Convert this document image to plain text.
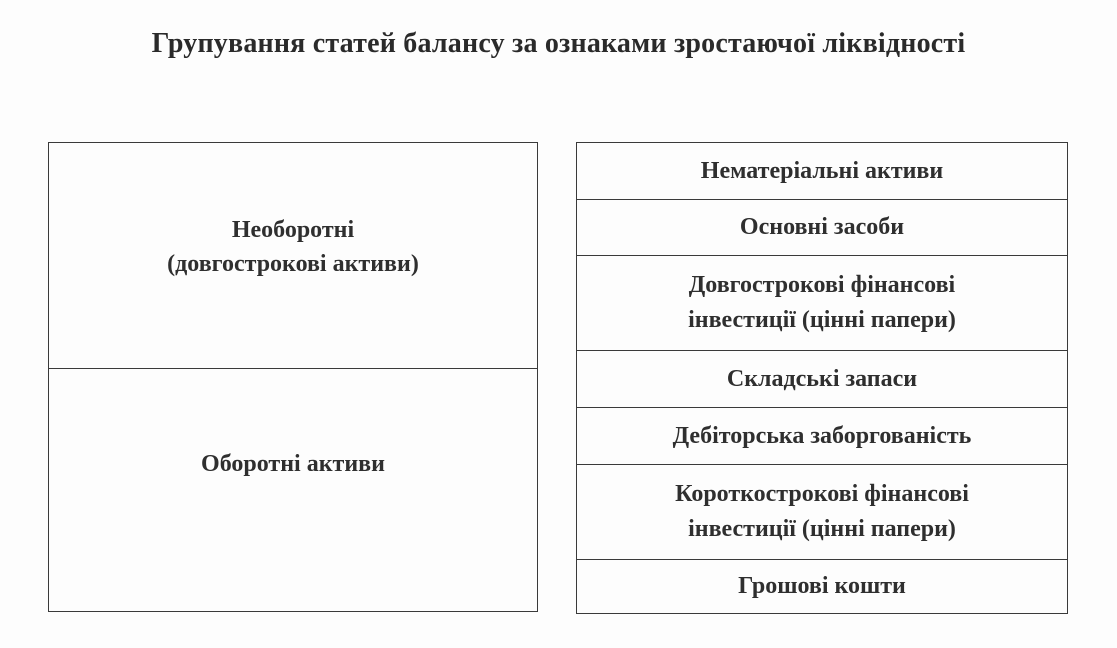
Групування статей балансу за ознаками зростаючої ліквідності
Необоротні
(довгострокові активи)
Оборотні активи
Нематеріальні активи
Основні засоби
Довгострокові фінансові
інвестиції (цінні папери)
Складські запаси
Дебіторська заборгованість
Короткострокові фінансові
інвестиції (цінні папери)
Грошові кошти
